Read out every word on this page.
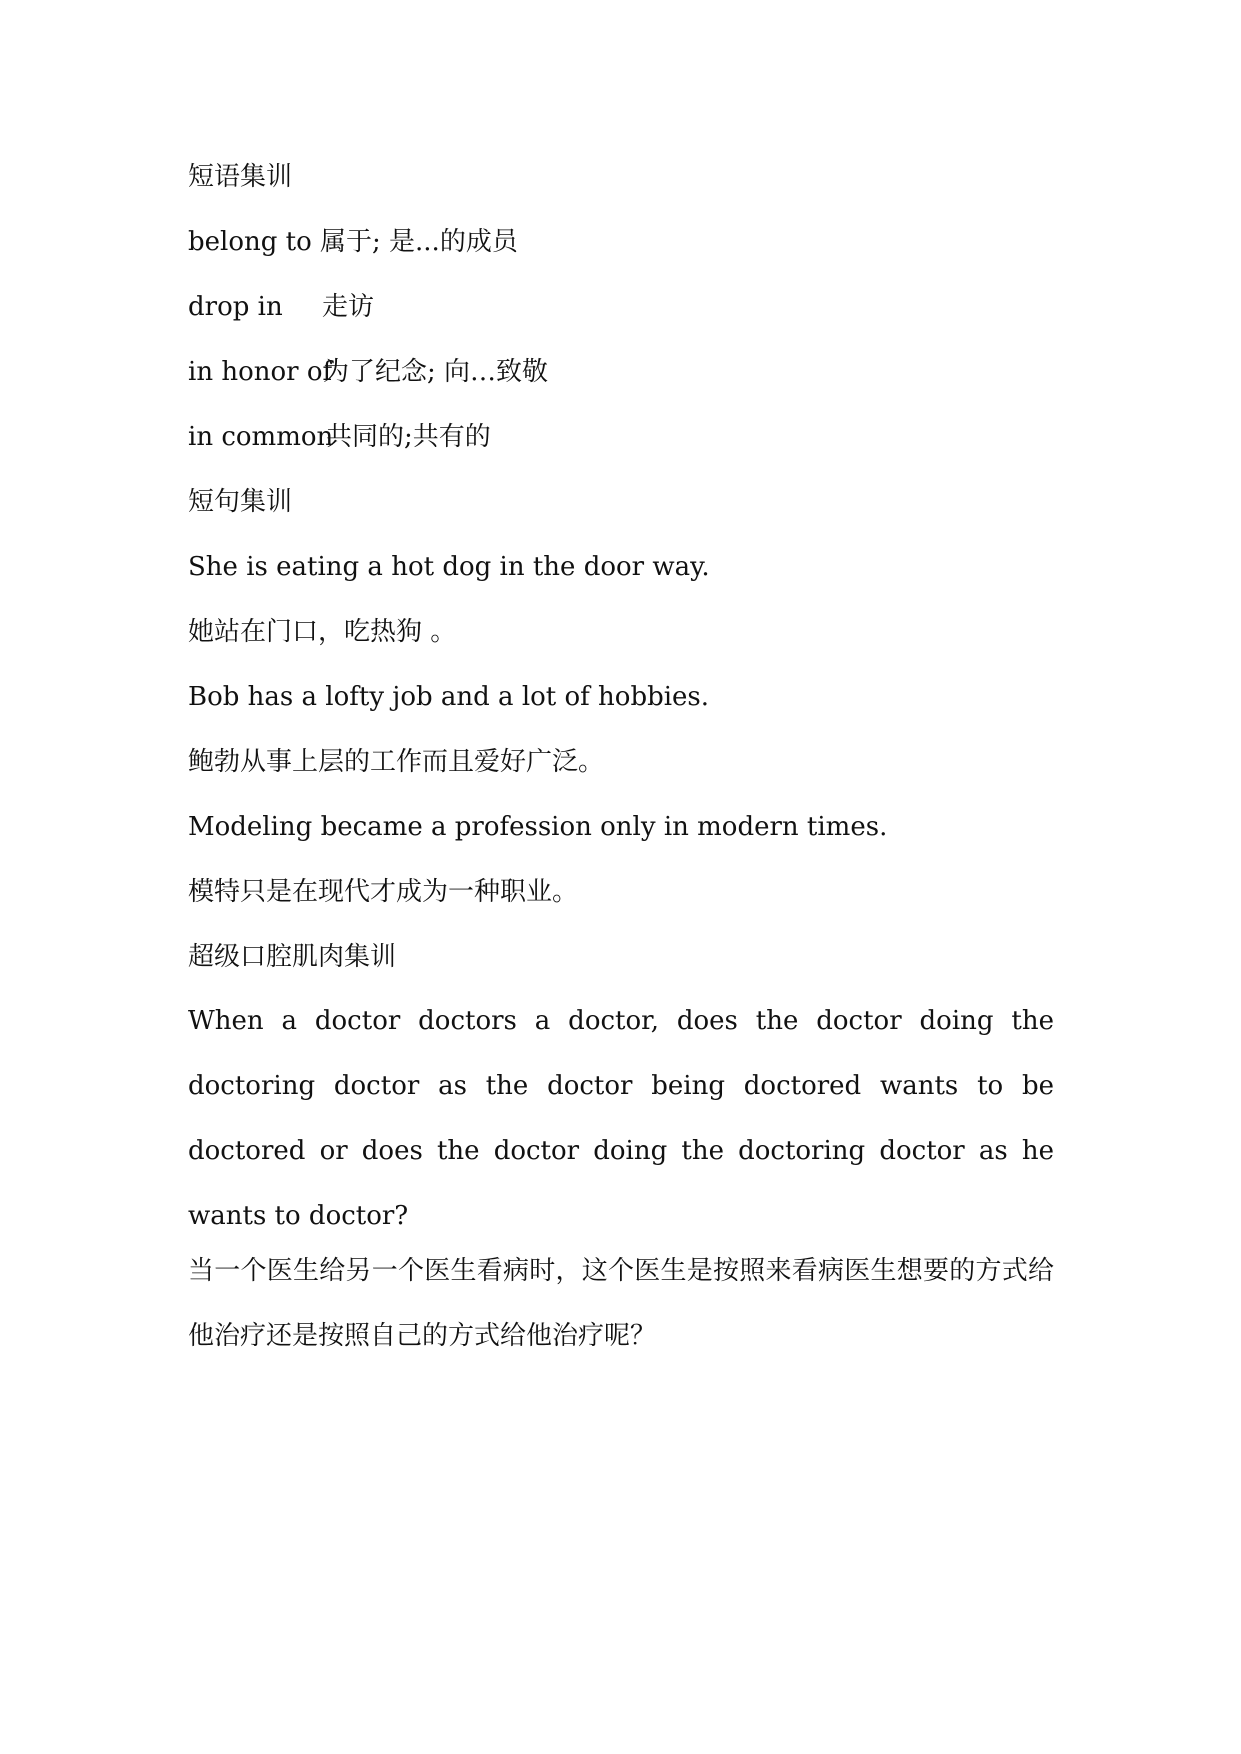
短语集训
belong to 属于; 是...的成员
drop in 走访
in honor of
为了纪念; 向…致敬
in common
共同的;共有的
短句集训
She is eating a hot dog in the door way.
她站在门口，吃热狗 。
Bob has a lofty job and a lot of hobbies.
鲍勃从事上层的工作而且爱好广泛。
Modeling became a profession only in modern times.
模特只是在现代才成为一种职业。
超级口腔肌肉集训
When a doctor doctors a doctor, does the doctor doing the doctoring doctor as the doctor being doctored wants to be doctored or does the doctor doing the doctoring doctor as he wants to doctor?
当一个医生给另一个医生看病时，这个医生是按照来看病医生想要的方式给他治疗还是按照自己的方式给他治疗呢？
